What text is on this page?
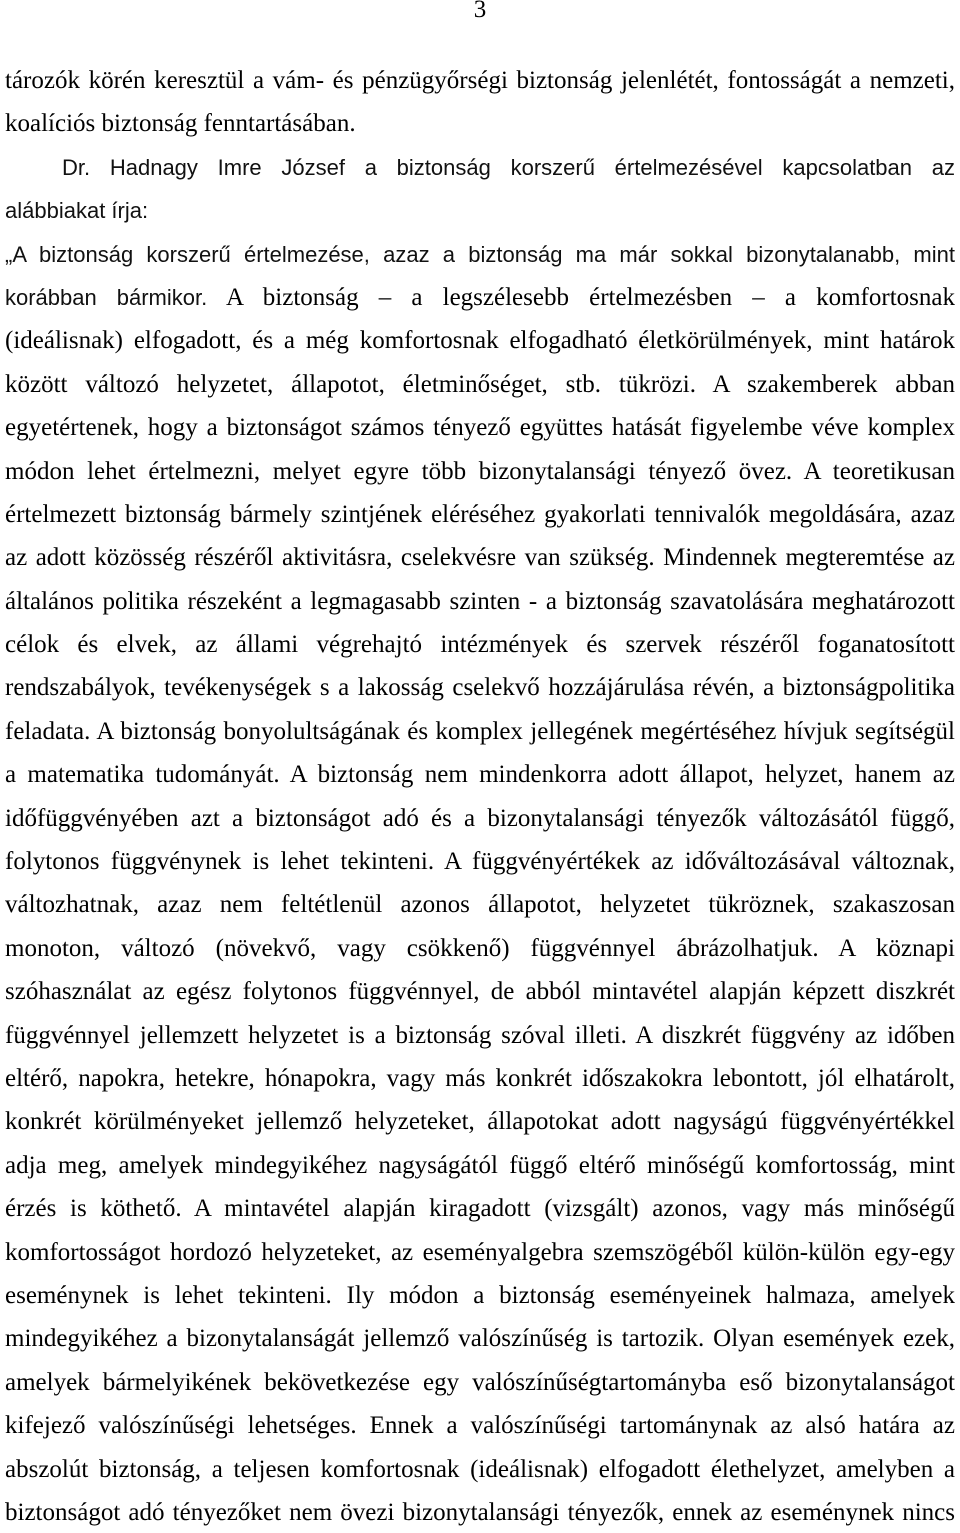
3
tározók körén keresztül a vám- és pénzügyőrségi biztonság jelenlétét, fontosságát a nemzeti,
koalíciós biztonság fenntartásában.
Dr. Hadnagy Imre József a biztonság korszerű értelmezésével kapcsolatban az
alábbiakat írja:
„A biztonság korszerű értelmezése, azaz a biztonság ma már sokkal bizonytalanabb, mint
korábban bármikor. A biztonság – a legszélesebb értelmezésben – a komfortosnak
(ideálisnak) elfogadott, és a még komfortosnak elfogadható életkörülmények, mint határok
között változó helyzetet, állapotot, életminőséget, stb. tükrözi. A szakemberek abban
egyetértenek, hogy a biztonságot számos tényező együttes hatását figyelembe véve komplex
módon lehet értelmezni, melyet egyre több bizonytalansági tényező övez. A teoretikusan
értelmezett biztonság bármely szintjének eléréséhez gyakorlati tennivalók megoldására, azaz
az adott közösség részéről aktivitásra, cselekvésre van szükség. Mindennek megteremtése az
általános politika részeként a legmagasabb szinten - a biztonság szavatolására meghatározott
célok és elvek, az állami végrehajtó intézmények és szervek részéről foganatosított
rendszabályok, tevékenységek s a lakosság cselekvő hozzájárulása révén, a biztonságpolitika
feladata. A biztonság bonyolultságának és komplex jellegének megértéséhez hívjuk segítségül
a matematika tudományát. A biztonság nem mindenkorra adott állapot, helyzet, hanem az
időfüggvényében azt a biztonságot adó és a bizonytalansági tényezők változásától függő,
folytonos függvénynek is lehet tekinteni. A függvényértékek az időváltozásával változnak,
változhatnak, azaz nem feltétlenül azonos állapotot, helyzetet tükröznek, szakaszosan
monoton, változó (növekvő, vagy csökkenő) függvénnyel ábrázolhatjuk. A köznapi
szóhasználat az egész folytonos függvénnyel, de abból mintavétel alapján képzett diszkrét
függvénnyel jellemzett helyzetet is a biztonság szóval illeti. A diszkrét függvény az időben
eltérő, napokra, hetekre, hónapokra, vagy más konkrét időszakokra lebontott, jól elhatárolt,
konkrét körülményeket jellemző helyzeteket, állapotokat adott nagyságú függvényértékkel
adja meg, amelyek mindegyikéhez nagyságától függő eltérő minőségű komfortosság, mint
érzés is köthető. A mintavétel alapján kiragadott (vizsgált) azonos, vagy más minőségű
komfortosságot hordozó helyzeteket, az eseményalgebra szemszögéből külön-külön egy-egy
eseménynek is lehet tekinteni. Ily módon a biztonság eseményeinek halmaza, amelyek
mindegyikéhez a bizonytalanságát jellemző valószínűség is tartozik. Olyan események ezek,
amelyek bármelyikének bekövetkezése egy valószínűségtartományba eső bizonytalanságot
kifejező valószínűségi lehetséges. Ennek a valószínűségi tartománynak az alsó határa az
abszolút biztonság, a teljesen komfortosnak (ideálisnak) elfogadott élethelyzet, amelyben a
biztonságot adó tényezőket nem övezi bizonytalansági tényezők, ennek az eseménynek nincs
